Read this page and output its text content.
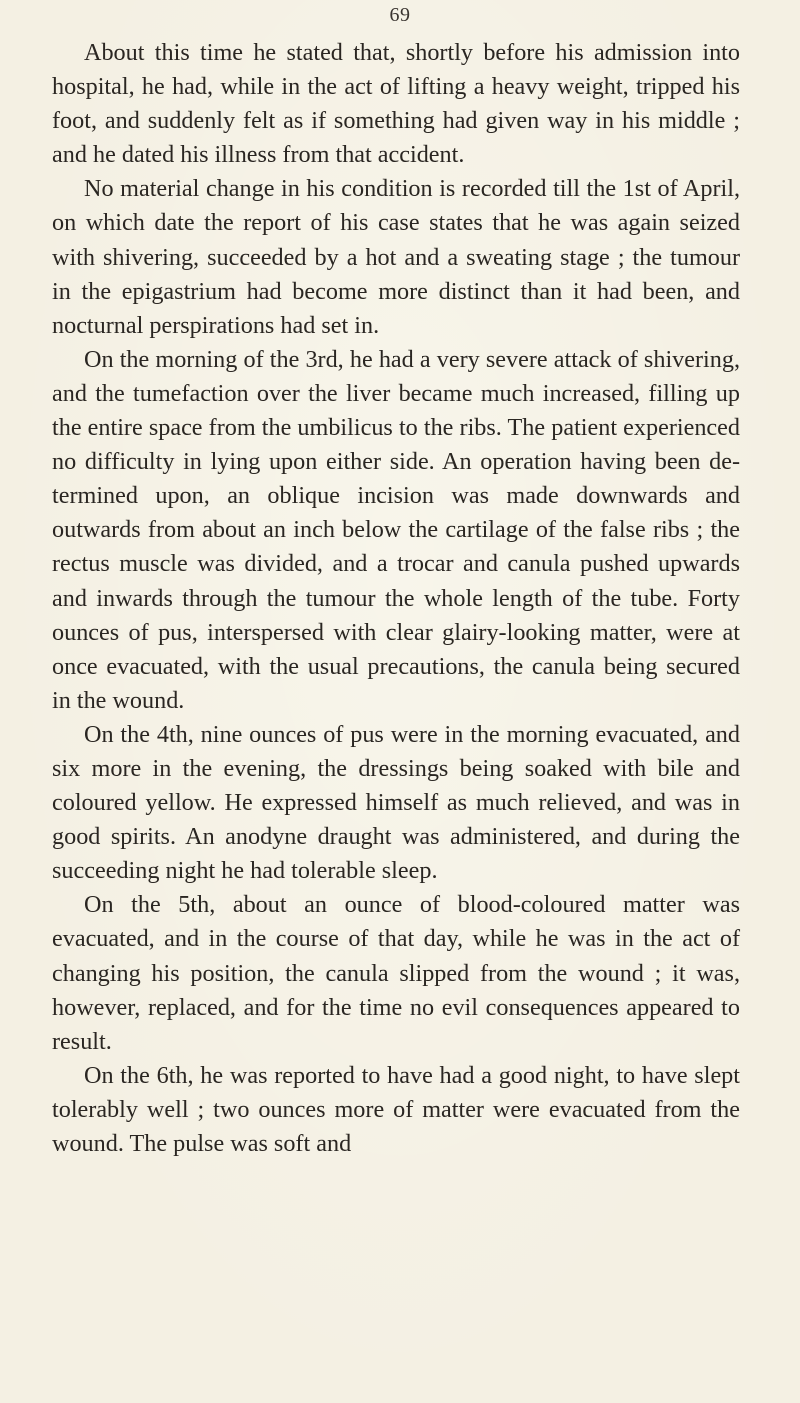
69

About this time he stated that, shortly before his admission into hospital, he had, while in the act of lifting a heavy weight, tripped his foot, and suddenly felt as if something had given way in his middle ; and he dated his illness from that accident.

No material change in his condition is recorded till the 1st of April, on which date the report of his case states that he was again seized with shivering, succeeded by a hot and a sweating stage ; the tumour in the epigastrium had become more distinct than it had been, and nocturnal perspirations had set in.

On the morning of the 3rd, he had a very severe attack of shivering, and the tumefaction over the liver became much increased, filling up the entire space from the umbilicus to the ribs. The patient experienced no difficulty in lying upon either side. An operation having been determined upon, an oblique incision was made downwards and outwards from about an inch below the cartilage of the false ribs ; the rectus muscle was divided, and a trocar and canula pushed upwards and inwards through the tumour the whole length of the tube. Forty ounces of pus, interspersed with clear glairy-looking matter, were at once evacuated, with the usual precautions, the canula being secured in the wound.

On the 4th, nine ounces of pus were in the morning evacuated, and six more in the evening, the dressings being soaked with bile and coloured yellow. He expressed himself as much relieved, and was in good spirits. An anodyne draught was administered, and during the succeeding night he had tolerable sleep.

On the 5th, about an ounce of blood-coloured matter was evacuated, and in the course of that day, while he was in the act of changing his position, the canula slipped from the wound ; it was, however, replaced, and for the time no evil consequences appeared to result.

On the 6th, he was reported to have had a good night, to have slept tolerably well ; two ounces more of matter were evacuated from the wound. The pulse was soft and
